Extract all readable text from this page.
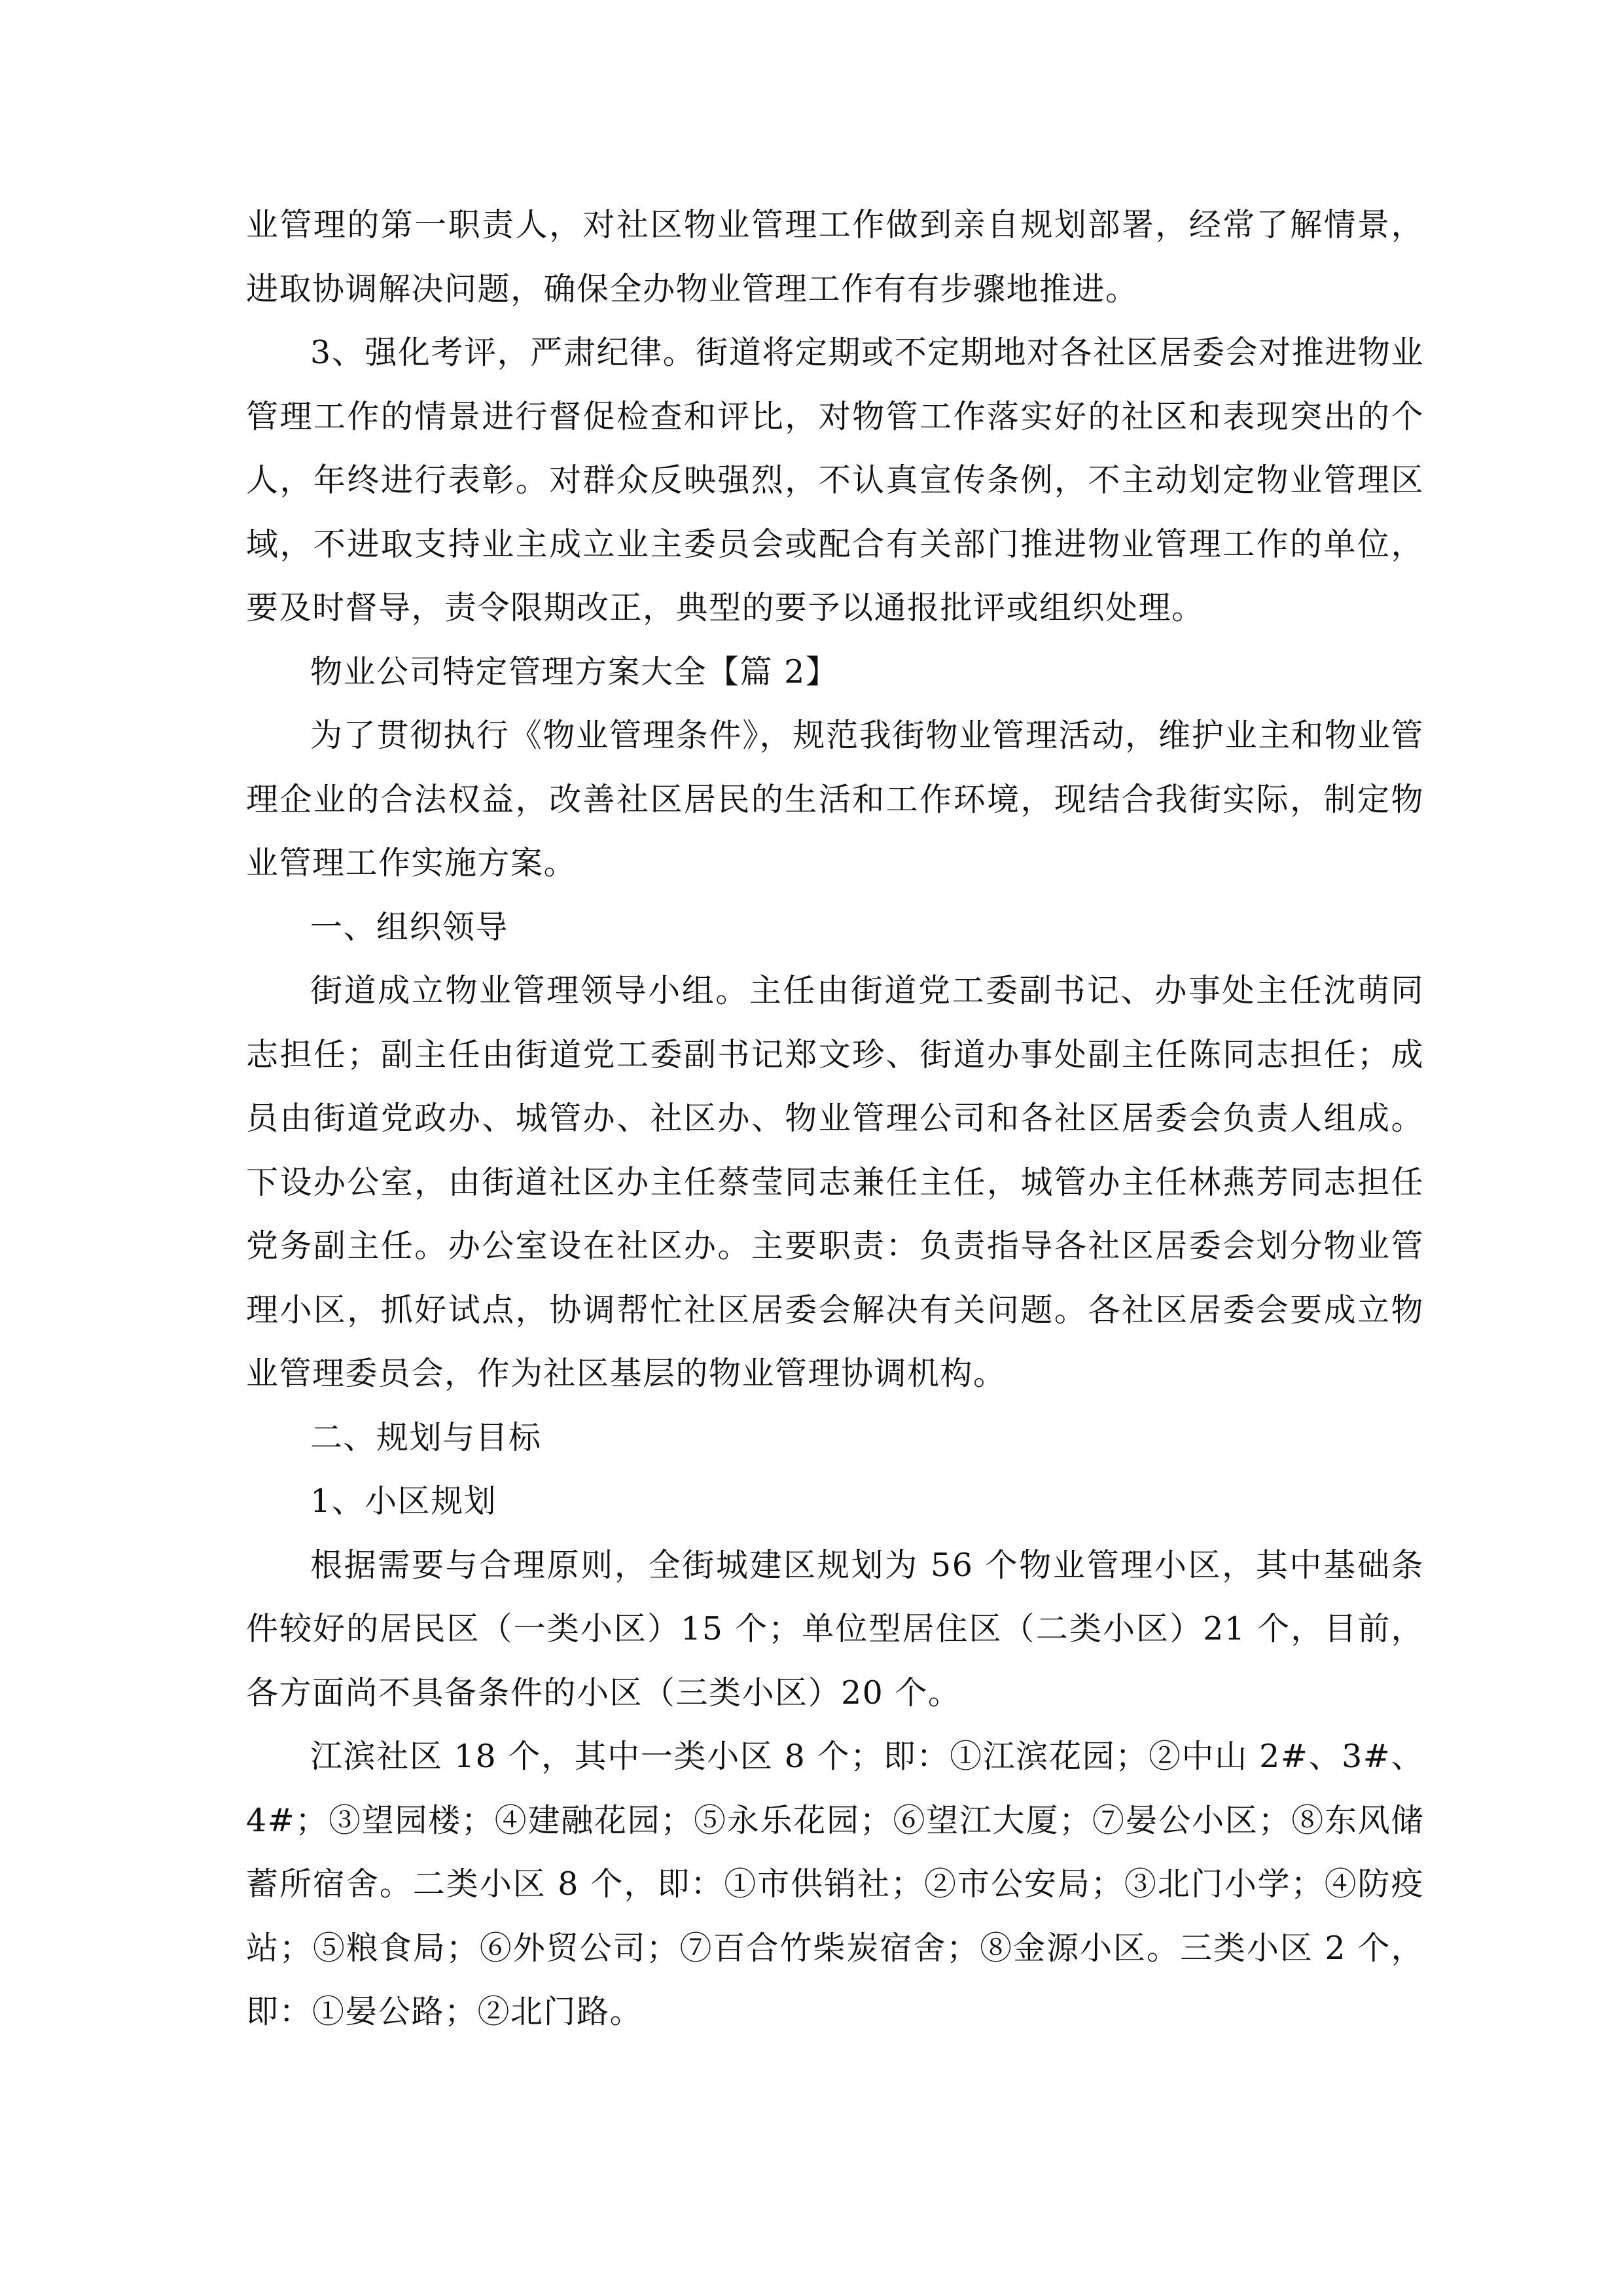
业管理的第一职责人，对社区物业管理工作做到亲自规划部署，经常了解情景，进取协调解决问题，确保全办物业管理工作有有步骤地推进。

3、强化考评，严肃纪律。街道将定期或不定期地对各社区居委会对推进物业管理工作的情景进行督促检查和评比，对物管工作落实好的社区和表现突出的个人，年终进行表彰。对群众反映强烈，不认真宣传条例，不主动划定物业管理区域，不进取支持业主成立业主委员会或配合有关部门推进物业管理工作的单位，要及时督导，责令限期改正，典型的要予以通报批评或组织处理。

物业公司特定管理方案大全【篇 2】

为了贯彻执行《物业管理条件》，规范我街物业管理活动，维护业主和物业管理企业的合法权益，改善社区居民的生活和工作环境，现结合我街实际，制定物业管理工作实施方案。

一、组织领导

街道成立物业管理领导小组。主任由街道党工委副书记、办事处主任沈萌同志担任；副主任由街道党工委副书记郑文珍、街道办事处副主任陈同志担任；成员由街道党政办、城管办、社区办、物业管理公司和各社区居委会负责人组成。下设办公室，由街道社区办主任蔡莹同志兼任主任，城管办主任林燕芳同志担任党务副主任。办公室设在社区办。主要职责：负责指导各社区居委会划分物业管理小区，抓好试点，协调帮忙社区居委会解决有关问题。各社区居委会要成立物业管理委员会，作为社区基层的物业管理协调机构。

二、规划与目标

1、小区规划

根据需要与合理原则，全街城建区规划为 56 个物业管理小区，其中基础条件较好的居民区（一类小区）15 个；单位型居住区（二类小区）21 个，目前，各方面尚不具备条件的小区（三类小区）20 个。

江滨社区 18 个，其中一类小区 8 个；即：①江滨花园；②中山 2#、3#、4#；③望园楼；④建融花园；⑤永乐花园；⑥望江大厦；⑦晏公小区；⑧东风储蓄所宿舍。二类小区 8 个，即：①市供销社；②市公安局；③北门小学；④防疫站；⑤粮食局；⑥外贸公司；⑦百合竹柴炭宿舍；⑧金源小区。三类小区 2 个，即：①晏公路；②北门路。
